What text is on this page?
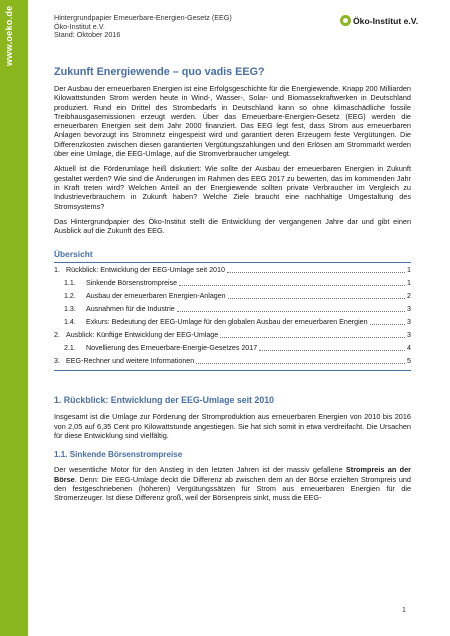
www.oeko.de	Hintergrundpapier Erneuerbare-Energien-Gesetz (EEG)
Öko-Institut e.V.
Stand: Oktober 2016
Öko-Institut e.V.
Zukunft Energiewende – quo vadis EEG?

Der Ausbau der erneuerbaren Energien ist eine Erfolgsgeschichte für die Energiewende. Knapp 200 Milliarden Kilowattstunden Strom werden heute in Wind-, Wasser-, Solar- und Biomassekraftwerken in Deutschland produziert. Rund ein Drittel des Strombedarfs in Deutschland kann so ohne klimaschädliche fossile Treibhausgasemissionen erzeugt werden. Über das Erneuerbare-Energien-Gesetz (EEG) werden die erneuerbaren Energien seit dem Jahr 2000 finanziert. Das EEG legt fest, dass Strom aus erneuerbaren Anlagen bevorzugt ins Stromnetz eingespeist wird und garantiert deren Erzeugern feste Vergütungen. Die Differenzkosten zwischen diesen garantierten Vergütungszahlungen und den Erlösen am Strommarkt werden über eine Umlage, die EEG-Umlage, auf die Stromverbraucher umgelegt.

Aktuell ist die Förderumlage heiß diskutiert: Wie sollte der Ausbau der erneuerbaren Energien in Zukunft gestaltet werden? Wie sind die Änderungen im Rahmen des EEG 2017 zu bewerten, das im kommenden Jahr in Kraft treten wird? Welchen Anteil an der Energiewende sollten private Verbraucher im Vergleich zu Industrieverbrauchern in Zukunft haben? Welche Ziele braucht eine nachhaltige Umgestaltung des Stromsystems?

Das Hintergrundpapier des Öko-Institut stellt die Entwicklung der vergangenen Jahre dar und gibt einen Ausblick auf die Zukunft des EEG.

Übersicht
1. Rückblick: Entwicklung der EEG-Umlage seit 2010	1
1.1.	Sinkende Börsenstrompreise	1
1.2.	Ausbau der erneuerbaren Energien-Anlagen	2
1.3.	Ausnahmen für die Industrie	3
1.4.	Exkurs: Bedeutung der EEG-Umlage für den globalen Ausbau der erneuerbaren Energien	3
2. Ausblick: Künftige Entwicklung der EEG-Umlage	3
2.1.	Novellierung des Erneuerbare-Energie-Gesetzes 2017	4
3. EEG-Rechner und weitere Informationen	5
1. Rückblick: Entwicklung der EEG-Umlage seit 2010

Insgesamt ist die Umlage zur Förderung der Stromproduktion aus erneuerbaren Energien von 2010 bis 2016 von 2,05 auf 6,35 Cent pro Kilowattstunde angestiegen. Sie hat sich somit in etwa verdreifacht. Die Ursachen für diese Entwicklung sind vielfältig.

1.1. Sinkende Börsenstrompreise

Der wesentliche Motor für den Anstieg in den letzten Jahren ist der massiv gefallene Strompreis an der Börse. Denn: Die EEG-Umlage deckt die Differenz ab zwischen dem an der Börse erzielten Strompreis und den festgeschriebenen (höheren) Vergütungssätzen für Strom aus erneuerbaren Energien für die Stromerzeuger. Ist diese Differenz groß, weil der Börsenpreis sinkt, muss die EEG-

1
